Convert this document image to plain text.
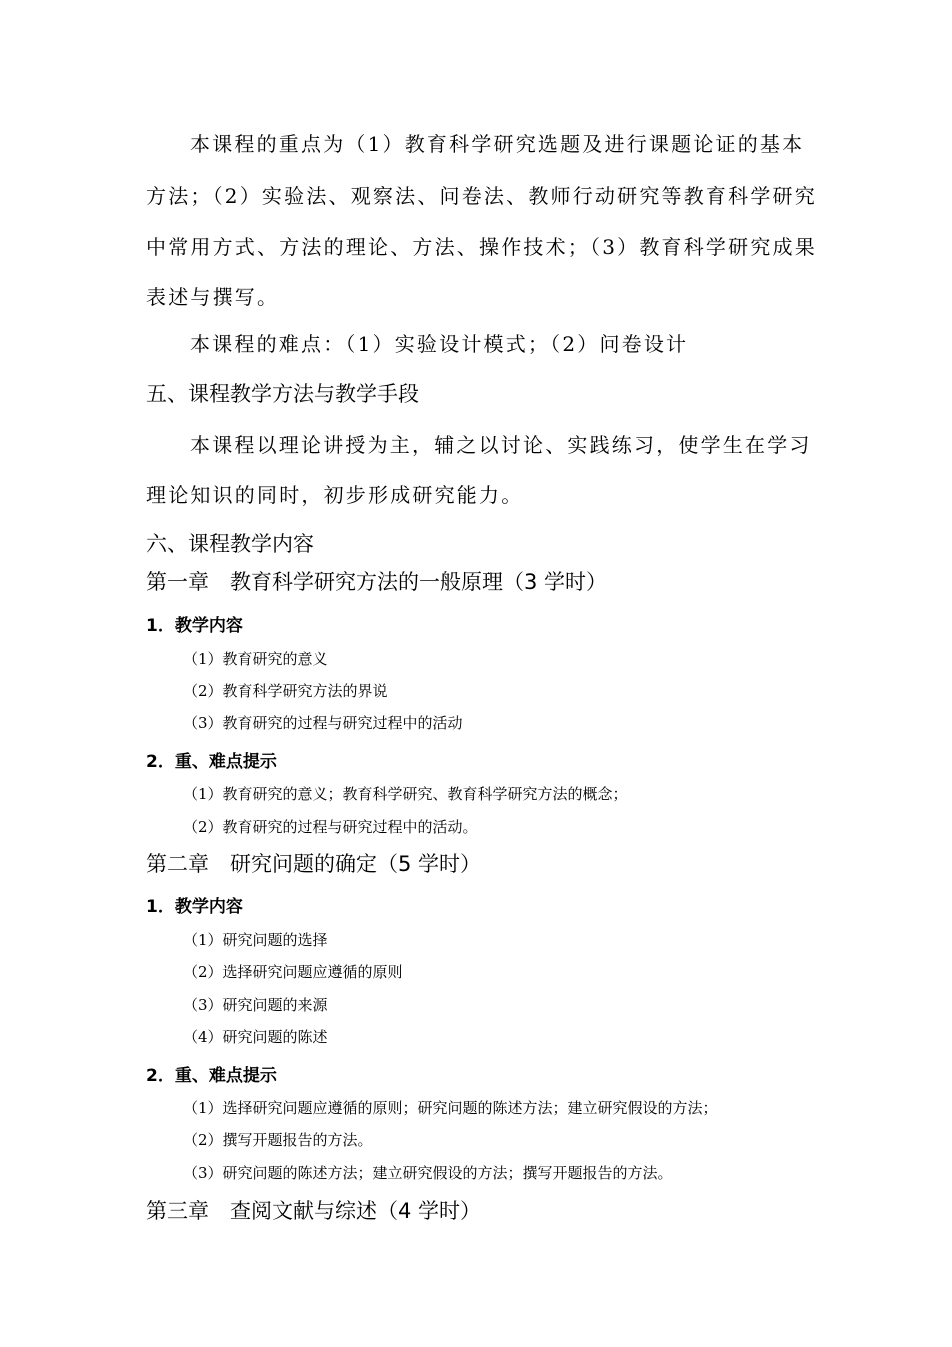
本课程的重点为（1）教育科学研究选题及进行课题论证的基本
方法；（2）实验法、观察法、问卷法、教师行动研究等教育科学研究
中常用方式、方法的理论、方法、操作技术；（3）教育科学研究成果
表述与撰写。
本课程的难点：（1）实验设计模式；（2）问卷设计
五、课程教学方法与教学手段
本课程以理论讲授为主，辅之以讨论、实践练习，使学生在学习
理论知识的同时，初步形成研究能力。
六、课程教学内容
第一章　教育科学研究方法的一般原理（3 学时）
1．教学内容
（1）教育研究的意义
（2）教育科学研究方法的界说
（3）教育研究的过程与研究过程中的活动
2．重、难点提示
（1）教育研究的意义；教育科学研究、教育科学研究方法的概念；
（2）教育研究的过程与研究过程中的活动。
第二章　研究问题的确定（5 学时）
1．教学内容
（1）研究问题的选择
（2）选择研究问题应遵循的原则
（3）研究问题的来源
（4）研究问题的陈述
2．重、难点提示
（1）选择研究问题应遵循的原则；研究问题的陈述方法；建立研究假设的方法；
（2）撰写开题报告的方法。
（3）研究问题的陈述方法；建立研究假设的方法；撰写开题报告的方法。
第三章　查阅文献与综述（4 学时）
